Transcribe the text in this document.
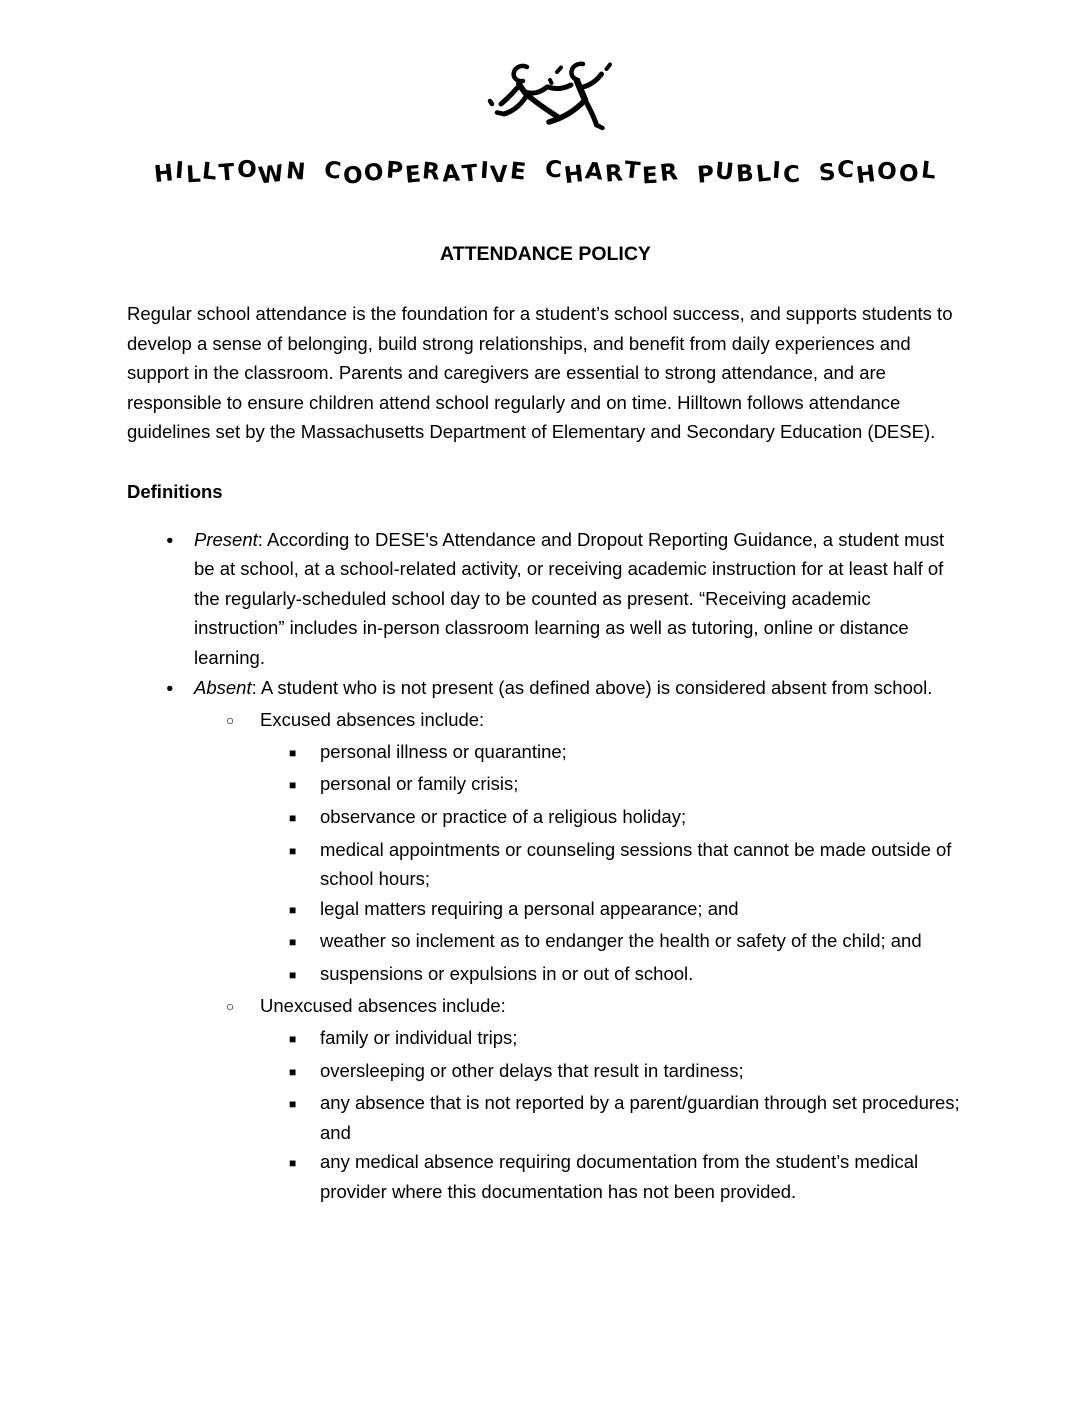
HILLTOWN COOPERATIVE CHARTER PUBLIC SCHOOL
ATTENDANCE POLICY

Regular school attendance is the foundation for a student’s school success, and supports students to develop a sense of belonging, build strong relationships, and benefit from daily experiences and support in the classroom. Parents and caregivers are essential to strong attendance, and are responsible to ensure children attend school regularly and on time. Hilltown follows attendance guidelines set by the Massachusetts Department of Elementary and Secondary Education (DESE).

Definitions
●
Present: According to DESE's Attendance and Dropout Reporting Guidance, a student must be at school, at a school-related activity, or receiving academic instruction for at least half of the regularly-scheduled school day to be counted as present. “Receiving academic instruction” includes in-person classroom learning as well as tutoring, online or distance learning.
●
Absent: A student who is not present (as defined above) is considered absent from school.
○
Excused absences include:
■
personal illness or quarantine;
■
personal or family crisis;
■
observance or practice of a religious holiday;
■
medical appointments or counseling sessions that cannot be made outside of school hours;
■
legal matters requiring a personal appearance; and
■
weather so inclement as to endanger the health or safety of the child; and
■
suspensions or expulsions in or out of school.
○
Unexcused absences include:
■
family or individual trips;
■
oversleeping or other delays that result in tardiness;
■
any absence that is not reported by a parent/guardian through set procedures; and
■
any medical absence requiring documentation from the student’s medical provider where this documentation has not been provided.
